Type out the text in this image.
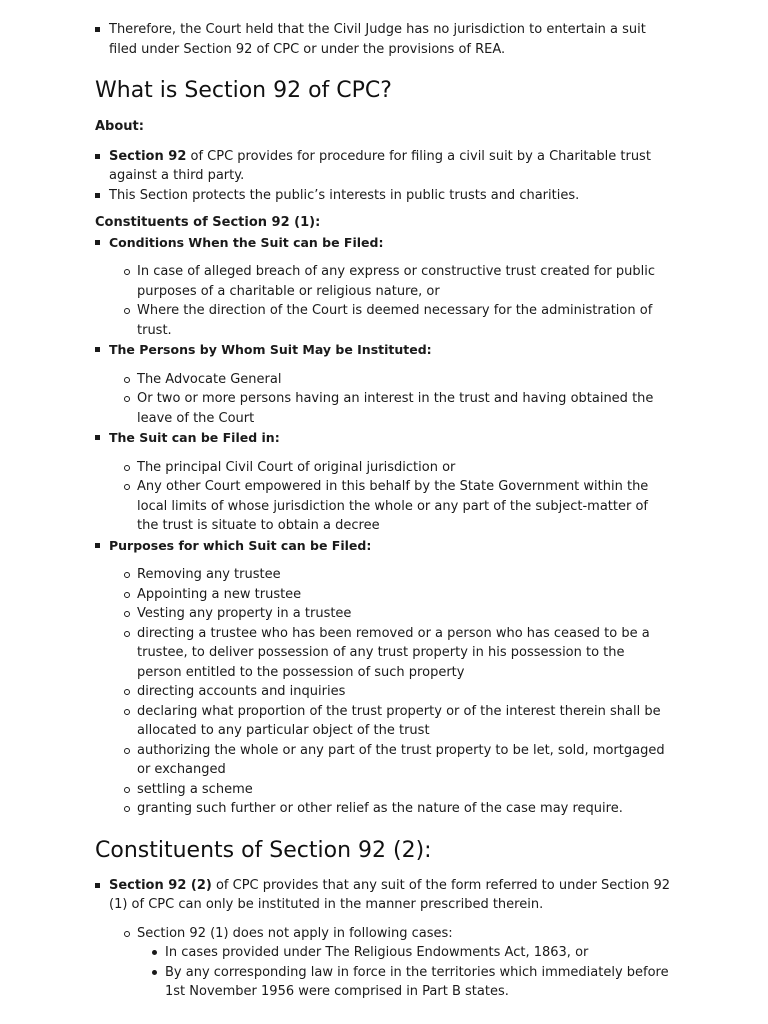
Therefore, the Court held that the Civil Judge has no jurisdiction to entertain a suit filed under Section 92 of CPC or under the provisions of REA.
What is Section 92 of CPC?

About:

Section 92 of CPC provides for procedure for filing a civil suit by a Charitable trust against a third party.
This Section protects the public’s interests in public trusts and charities.

Constituents of Section 92 (1):

Conditions When the Suit can be Filed:
In case of alleged breach of any express or constructive trust created for public purposes of a charitable or religious nature, or
Where the direction of the Court is deemed necessary for the administration of trust.
The Persons by Whom Suit May be Instituted:
The Advocate General
Or two or more persons having an interest in the trust and having obtained the leave of the Court
The Suit can be Filed in:
The principal Civil Court of original jurisdiction or
Any other Court empowered in this behalf by the State Government within the local limits of whose jurisdiction the whole or any part of the subject-matter of the trust is situate to obtain a decree
Purposes for which Suit can be Filed:
Removing any trustee
Appointing a new trustee
Vesting any property in a trustee
directing a trustee who has been removed or a person who has ceased to be a trustee, to deliver possession of any trust property in his possession to the person entitled to the possession of such property
directing accounts and inquiries
declaring what proportion of the trust property or of the interest therein shall be allocated to any particular object of the trust
authorizing the whole or any part of the trust property to be let, sold, mortgaged or exchanged
settling a scheme
granting such further or other relief as the nature of the case may require.
Constituents of Section 92 (2):
Section 92 (2) of CPC provides that any suit of the form referred to under Section 92 (1) of CPC can only be instituted in the manner prescribed therein.
Section 92 (1) does not apply in following cases:
In cases provided under The Religious Endowments Act, 1863, or
By any corresponding law in force in the territories which immediately before 1st November 1956 were comprised in Part B states.
